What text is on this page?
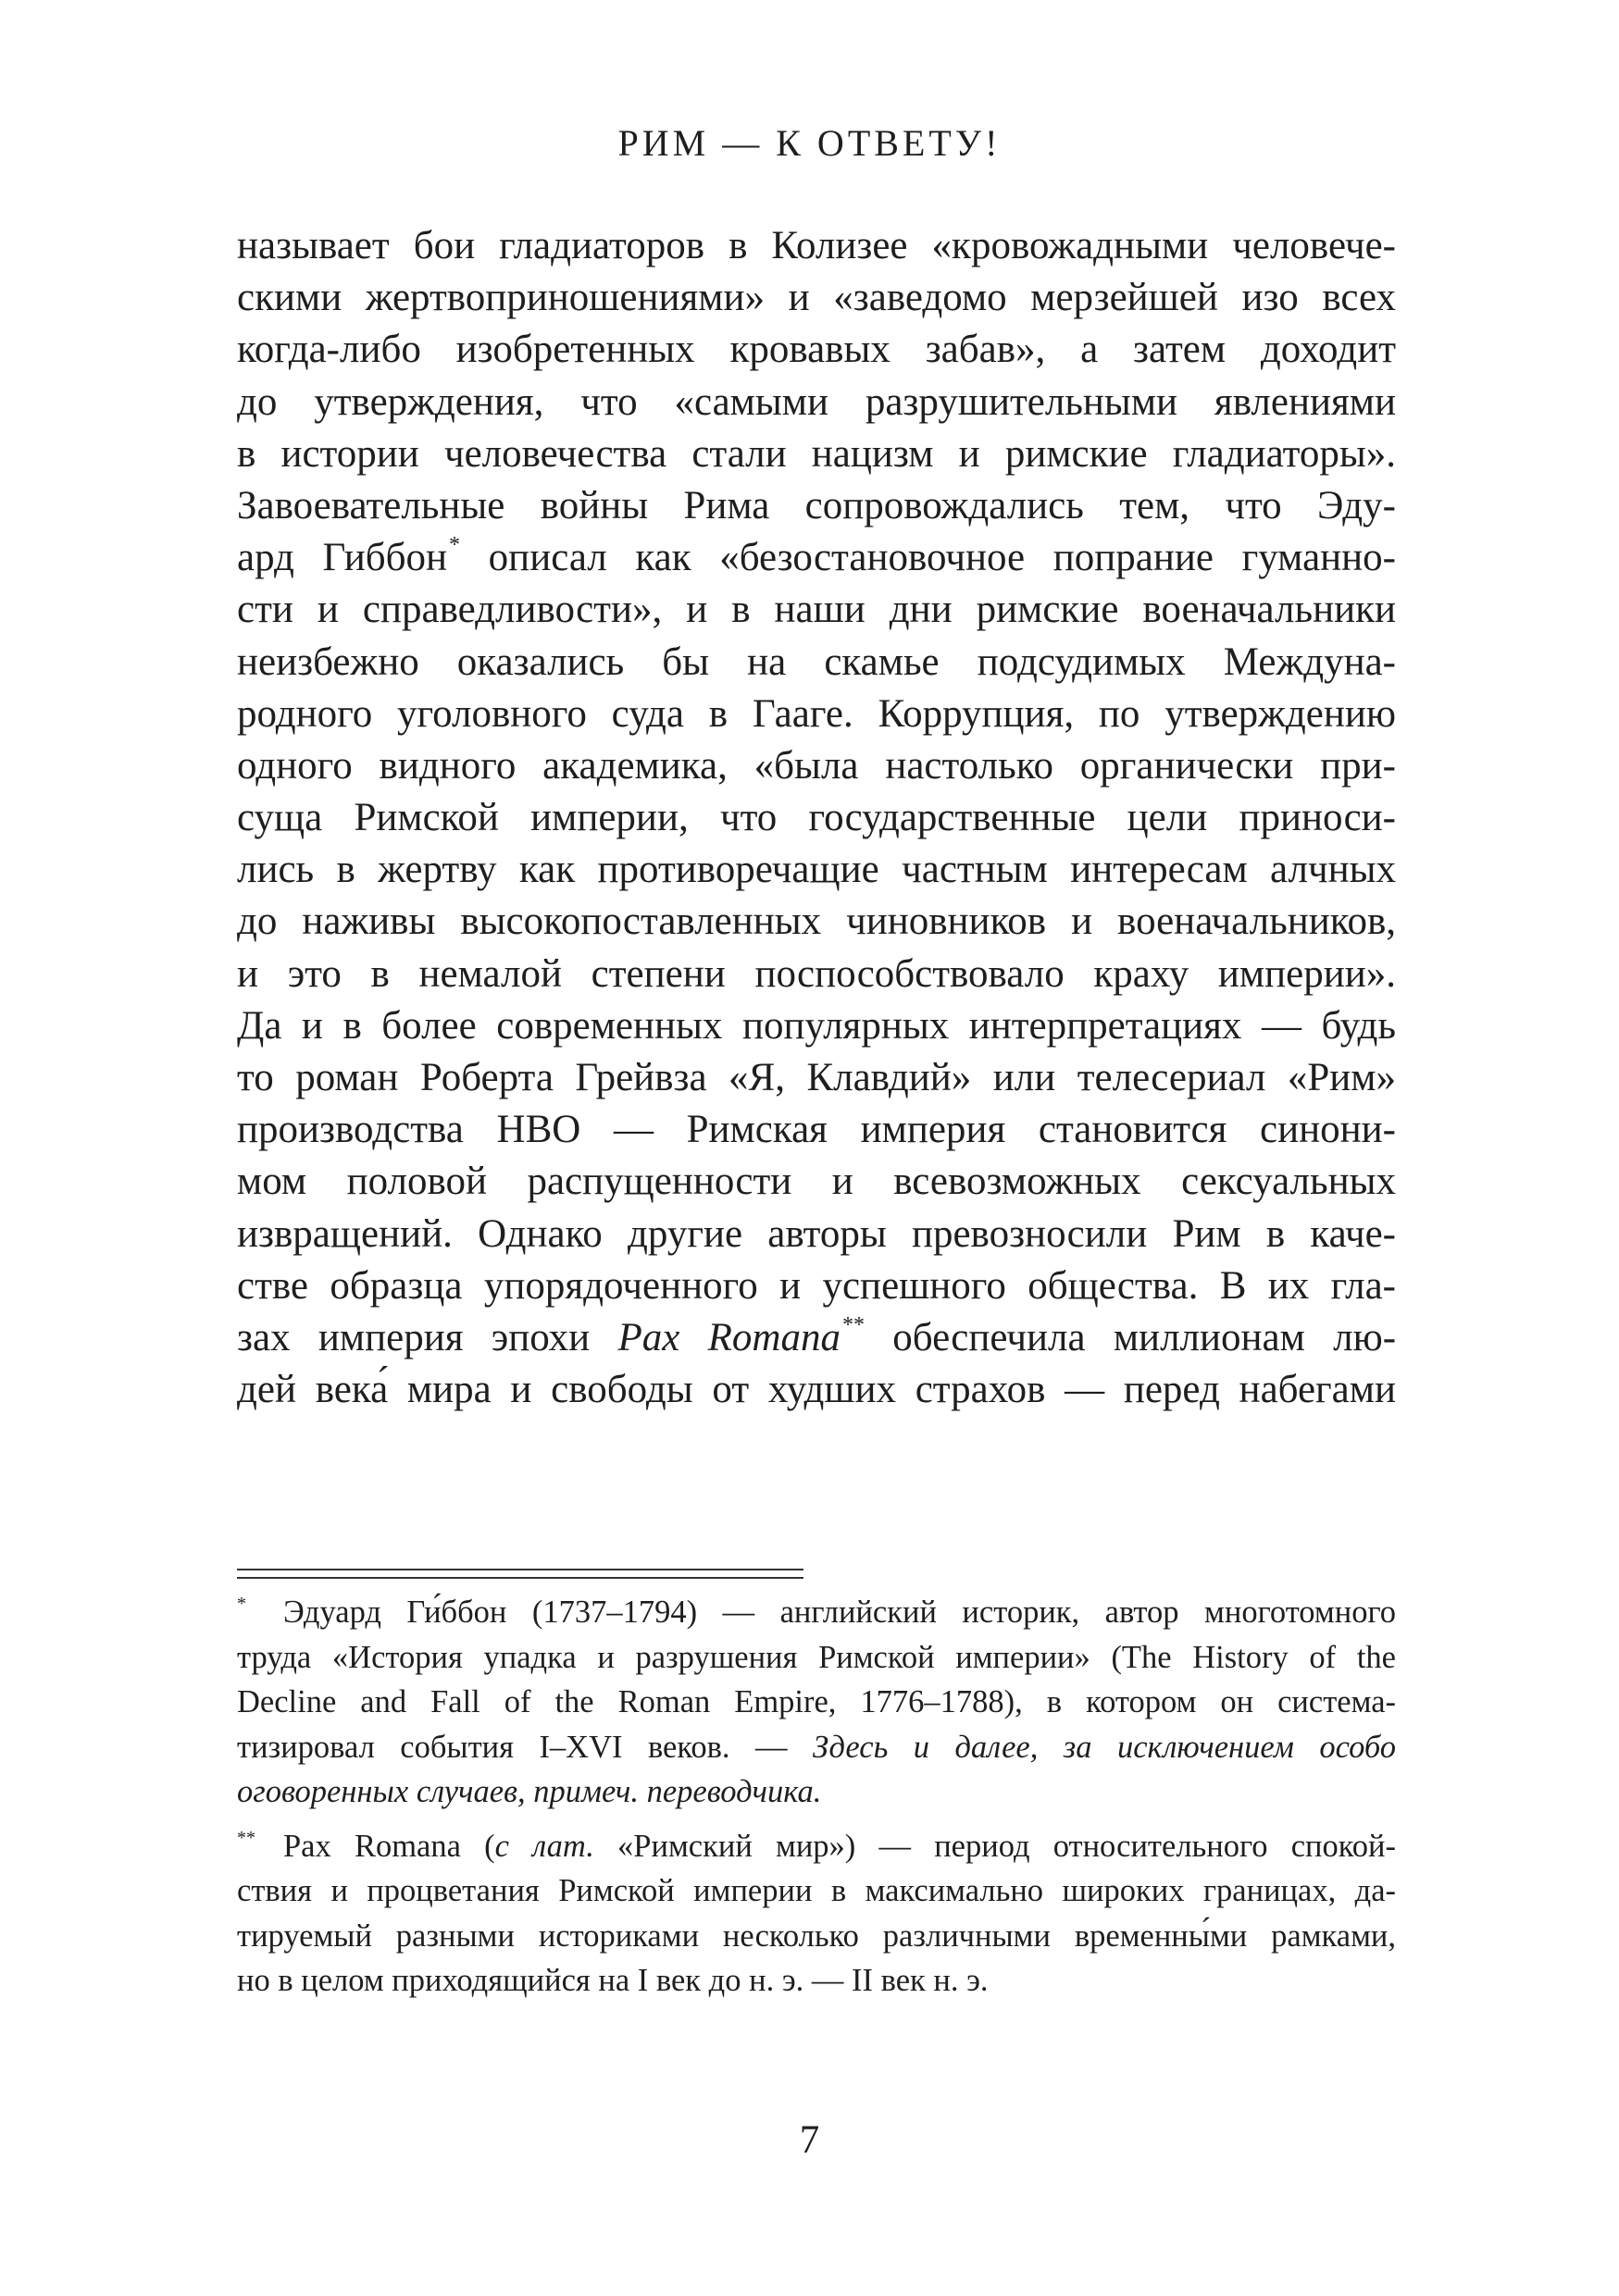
РИМ — К ОТВЕТУ!
называет бои гладиаторов в Колизее «кровожадными человече-
скими жертвоприношениями» и «заведомо мерзейшей изо всех
когда-либо изобретенных кровавых забав», а затем доходит
до утверждения, что «самыми разрушительными явлениями
в истории человечества стали нацизм и римские гладиаторы».
Завоевательные войны Рима сопровождались тем, что Эду-
ард Гиббон* описал как «безостановочное попрание гуманно-
сти и справедливости», и в наши дни римские военачальники
неизбежно оказались бы на скамье подсудимых Междуна-
родного уголовного суда в Гааге. Коррупция, по утверждению
одного видного академика, «была настолько органически при-
суща Римской империи, что государственные цели приноси-
лись в жертву как противоречащие частным интересам алчных
до наживы высокопоставленных чиновников и военачальников,
и это в немалой степени поспособствовало краху империи».
Да и в более современных популярных интерпретациях — будь
то роман Роберта Грейвза «Я, Клавдий» или телесериал «Рим»
производства HBO — Римская империя становится синони-
мом половой распущенности и всевозможных сексуальных
извращений. Однако другие авторы превозносили Рим в каче-
стве образца упорядоченного и успешного общества. В их гла-
зах империя эпохи Pax Romana** обеспечила миллионам лю-
дей века́ мира и свободы от худших страхов — перед набегами
* Эдуард Ги́ббон (1737–1794) — английский историк, автор многотомного
труда «История упадка и разрушения Римской империи» (The History of the
Decline and Fall of the Roman Empire, 1776–1788), в котором он система-
тизировал события I–XVI веков. — Здесь и далее, за исключением особо
оговоренных случаев, примеч. переводчика.
** Pax Romana (с лат. «Римский мир») — период относительного спокой-
ствия и процветания Римской империи в максимально широких границах, да-
тируемый разными историками несколько различными временны́ми рамками,
но в целом приходящийся на I век до н. э. — II век н. э.
7
